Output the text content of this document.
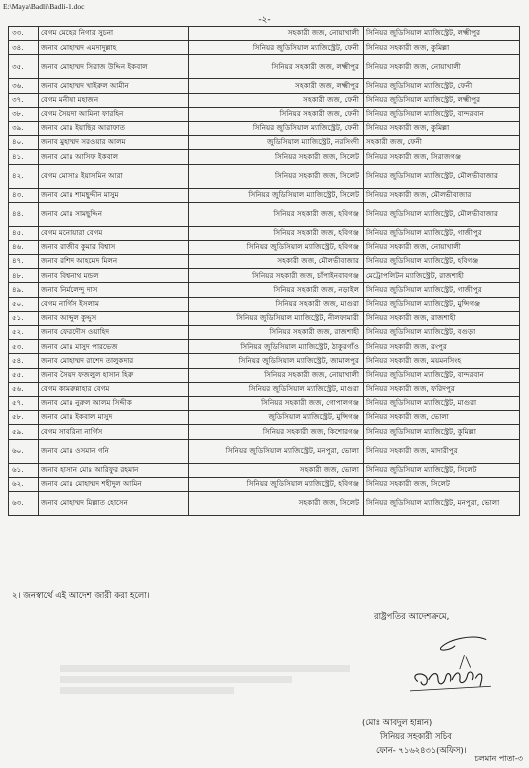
E:\Maya\Badli\Badli-1.doc
-২-
৩৩.	বেগম মেহের নিগার সুচনা	সহকারী জজ, নোয়াখালী	সিনিয়র জুডিসিয়াল ম্যাজিস্ট্রেট, লক্ষ্মীপুর
৩৪.	জনাব মোহাম্মদ এমদাদুল্লাহ	সিনিয়র জুডিসিয়াল ম্যাজিস্ট্রেট, ফেনী	সিনিয়র সহকারী জজ, কুমিল্লা
৩৫.	জনাব মোহাম্মদ সিরাজ উদ্দিন ইকবাল	সিনিয়র সহকারী জজ, লক্ষ্মীপুর	সিনিয়র সহকারী জজ, নোয়াখালী
৩৬.	জনাব মোহাম্মদ খাইরুল আমীন	সহকারী জজ, লক্ষ্মীপুর	সিনিয়র জুডিসিয়াল ম্যাজিস্ট্রেট, ফেনী
৩৭.	বেগম মনীষা মহাজন	সহকারী জজ, ফেনী	সিনিয়র জুডিসিয়াল ম্যাজিস্ট্রেট, লক্ষ্মীপুর
৩৮.	বেগম সৈয়দা আমিনা ফারহিন	সিনিয়র সহকারী জজ, ফেনী	সিনিয়র জুডিসিয়াল ম্যাজিস্ট্রেট, বান্দরবান
৩৯.	জনাব মোঃ ইয়াছির আরাফাত	সিনিয়র জুডিসিয়াল ম্যাজিস্ট্রেট, ফেনী	সিনিয়র সহকারী জজ, কুমিল্লা
৪০.	জনাব মুহাম্মদ সরওয়ার আলম	জুডিসিয়াল ম্যাজিস্ট্রেট, নরসিংদী	সহকারী জজ, ফেনী
৪১.	জনাব মোঃ আসিফ ইকবাল	সিনিয়র সহকারী জজ, সিলেট	সিনিয়র সহকারী জজ, সিরাজগঞ্জ
৪২.	বেগম মোসাঃ ইয়াসমিন আরা	সিনিয়র সহকারী জজ, সিলেট	সিনিয়র জুডিসিয়াল ম্যাজিস্ট্রেট, মৌলভীবাজার
৪৩.	জনাব মোঃ শামছুদ্দীন মাসুম	সিনিয়র জুডিসিয়াল ম্যাজিস্ট্রেট, সিলেট	সিনিয়র সহকারী জজ, মৌলভীবাজার
৪৪.	জনাব মোঃ সামছুদ্দিন	সিনিয়র সহকারী জজ, হবিগঞ্জ	সিনিয়র জুডিসিয়াল ম্যাজিস্ট্রেট, মৌলভীবাজার
৪৫.	বেগম মনোয়ারা বেগম	সিনিয়র সহকারী জজ, হবিগঞ্জ	সিনিয়র জুডিসিয়াল ম্যাজিস্ট্রেট, গাজীপুর
৪৬.	জনাব রাজীব কুমার বিশ্বাস	সিনিয়র জুডিসিয়াল ম্যাজিস্ট্রেট, হবিগঞ্জ	সিনিয়র সহকারী জজ, নোয়াখালী
৪৭.	জনাব রশিদ আহমেদ মিলন	সহকারী জজ, মৌলভীবাজার	সিনিয়র জুডিসিয়াল ম্যাজিস্ট্রেট, হবিগঞ্জ
৪৮.	জনাব বিশ্বনাথ মন্ডল	সিনিয়র সহকারী জজ, চাঁপাইনবাবগঞ্জ	মেট্রোপলিটন ম্যাজিস্ট্রেট, রাজশাহী
৪৯.	জনাব নির্মলেন্দু দাস	সিনিয়র সহকারী জজ, নড়াইল	সিনিয়র জুডিসিয়াল ম্যাজিস্ট্রেট, গাজীপুর
৫০.	বেগম নার্গিস ইসলাম	সিনিয়র সহকারী জজ, মাগুরা	সিনিয়র জুডিসিয়াল ম্যাজিস্ট্রেট, মুন্সিগঞ্জ
৫১.	জনাব আব্দুল কুদ্দুস	সিনিয়র জুডিসিয়াল ম্যাজিস্ট্রেট, নীলফামারী	সিনিয়র সহকারী জজ, রাজশাহী
৫২.	জনাব ফেরদৌস ওয়াহিদ	সিনিয়র সহকারী জজ, রাজশাহী	সিনিয়র জুডিসিয়াল ম্যাজিস্ট্রেট, বগুড়া
৫৩.	জনাব মোঃ মাসুদ পারভেজ	সিনিয়র জুডিসিয়াল ম্যাজিস্ট্রেট, ঠাকুরগাঁও	সিনিয়র সহকারী জজ, রংপুর
৫৪.	জনাব মোহাম্মদ রাশেদ তালুকদার	সিনিয়র জুডিসিয়াল ম্যাজিস্ট্রেট, জামালপুর	সিনিয়র সহকারী জজ, ময়মনসিংহ
৫৫.	জনাব সৈয়দ ফজলুল হাসান হিরু	সিনিয়র সহকারী জজ, নোয়াখালী	সিনিয়র জুডিসিয়াল ম্যাজিস্ট্রেট, বান্দরবান
৫৬.	বেগম কামরুন্নাহার বেগম	সিনিয়র জুডিসিয়াল ম্যাজিস্ট্রেট, মাগুরা	সিনিয়র সহকারী জজ, ফরিদপুর
৫৭.	জনাব মোঃ নুরুল আলম সিদ্দীক	সিনিয়র সহকারী জজ, গোপালগঞ্জ	সিনিয়র জুডিসিয়াল ম্যাজিস্ট্রেট, মাগুরা
৫৮.	জনাব মোঃ ইকবাল মাসুদ	জুডিসিয়াল ম্যাজিস্ট্রেট, মুন্সিগঞ্জ	সিনিয়র সহকারী জজ, ভোলা
৫৯.	বেগম সাবরিনা নার্গিস	সিনিয়র সহকারী জজ, কিশোরগঞ্জ	সিনিয়র জুডিসিয়াল ম্যাজিস্ট্রেট, কুমিল্লা
৬০.	জনাব মোঃ ওসমান গনি	সিনিয়র জুডিসিয়াল ম্যাজিস্ট্রেট, মনপুরা, ভোলা	সিনিয়র সহকারী জজ, মাদারীপুর
৬১.	জনাব হাসান মোঃ আরিফুর রহমান	সহকারী জজ, ভোলা	সিনিয়র জুডিসিয়াল ম্যাজিস্ট্রেট, সিলেট
৬২.	জনাব মোঃ মোহাম্মদ শহীদুল আমিন	সিনিয়র জুডিসিয়াল ম্যাজিস্ট্রেট, হবিগঞ্জ	সিনিয়র সহকারী জজ, সিলেট
৬৩.	জনাব মোহাম্মদ মিল্লাত হোসেন	সহকারী জজ, সিলেট	সিনিয়র জুডিসিয়াল ম্যাজিস্ট্রেট, মনপুরা, ভোলা
২। জনস্বার্থে এই আদেশ জারী করা হলো।
রাষ্ট্রপতির আদেশক্রমে,
(মোঃ আবদুল হান্নান)
সিনিয়র সহকারী সচিব
ফোন- ৭১৬২৪৩১(অফিস)।
চলমান পাতা-৩
